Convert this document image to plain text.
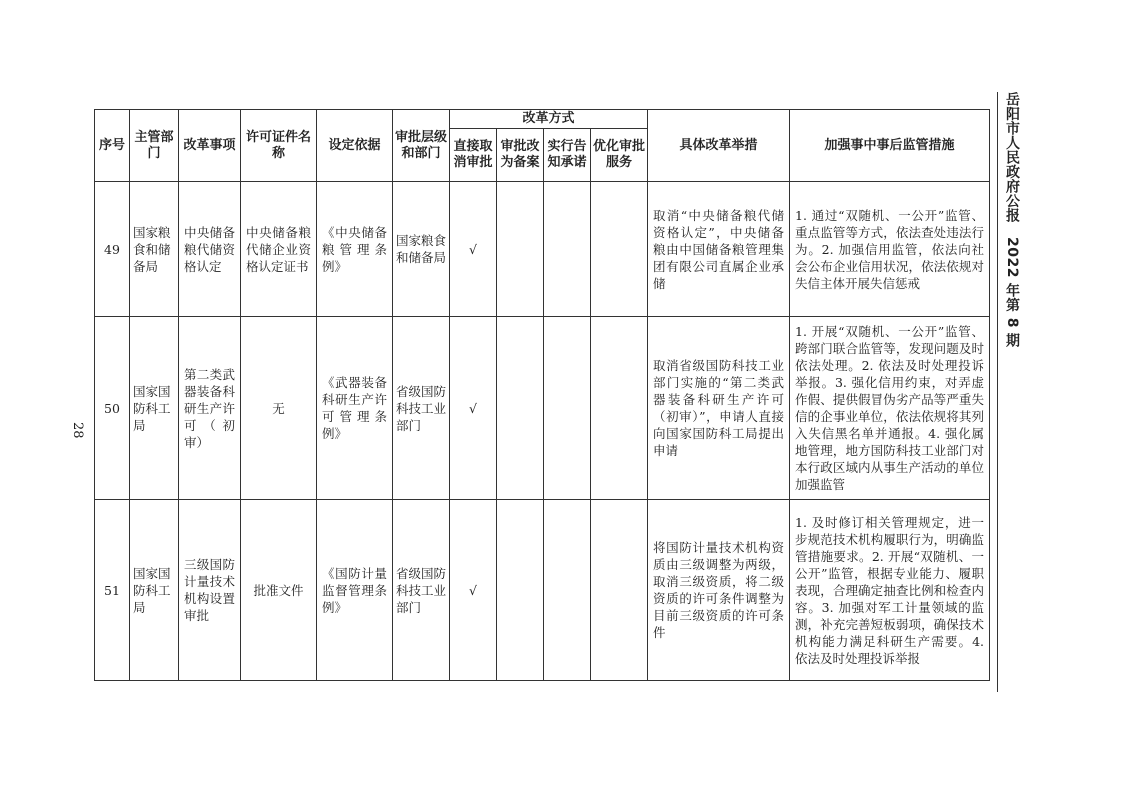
序号	主管部门	改革事项	许可证件名称	设定依据	审批层级和部门	改革方式				具体改革举措	加强事中事后监管措施
						直接取消审批	审批改为备案	实行告知承诺	优化审批服务		
49	国家粮食和储备局	中央储备粮代储资格认定	中央储备粮代储企业资格认定证书	《中央储备粮管理条例》	国家粮食和储备局	√				取消“中央储备粮代储资格认定”，中央储备粮由中国储备粮管理集团有限公司直属企业承储	1. 通过“双随机、一公开”监管、重点监管等方式，依法查处违法行为。2. 加强信用监管，依法向社会公布企业信用状况，依法依规对失信主体开展失信惩戒
50	国家国防科工局	第二类武器装备科研生产许可（初审）	无	《武器装备科研生产许可管理条例》	省级国防科技工业部门	√				取消省级国防科技工业部门实施的“第二类武器装备科研生产许可（初审）”，申请人直接向国家国防科工局提出申请	1. 开展“双随机、一公开”监管、跨部门联合监管等，发现问题及时依法处理。2. 依法及时处理投诉举报。3. 强化信用约束，对弄虚作假、提供假冒伪劣产品等严重失信的企事业单位，依法依规将其列入失信黑名单并通报。4. 强化属地管理，地方国防科技工业部门对本行政区域内从事生产活动的单位加强监管
51	国家国防科工局	三级国防计量技术机构设置审批	批准文件	《国防计量监督管理条例》	省级国防科技工业部门	√				将国防计量技术机构资质由三级调整为两级，取消三级资质，将二级资质的许可条件调整为目前三级资质的许可条件	1. 及时修订相关管理规定，进一步规范技术机构履职行为，明确监管措施要求。2. 开展“双随机、一公开”监管，根据专业能力、履职表现，合理确定抽查比例和检查内容。3. 加强对军工计量领域的监测，补充完善短板弱项，确保技术机构能力满足科研生产需要。4. 依法及时处理投诉举报
岳阳市人民政府公报　2022 年第 8 期
28
